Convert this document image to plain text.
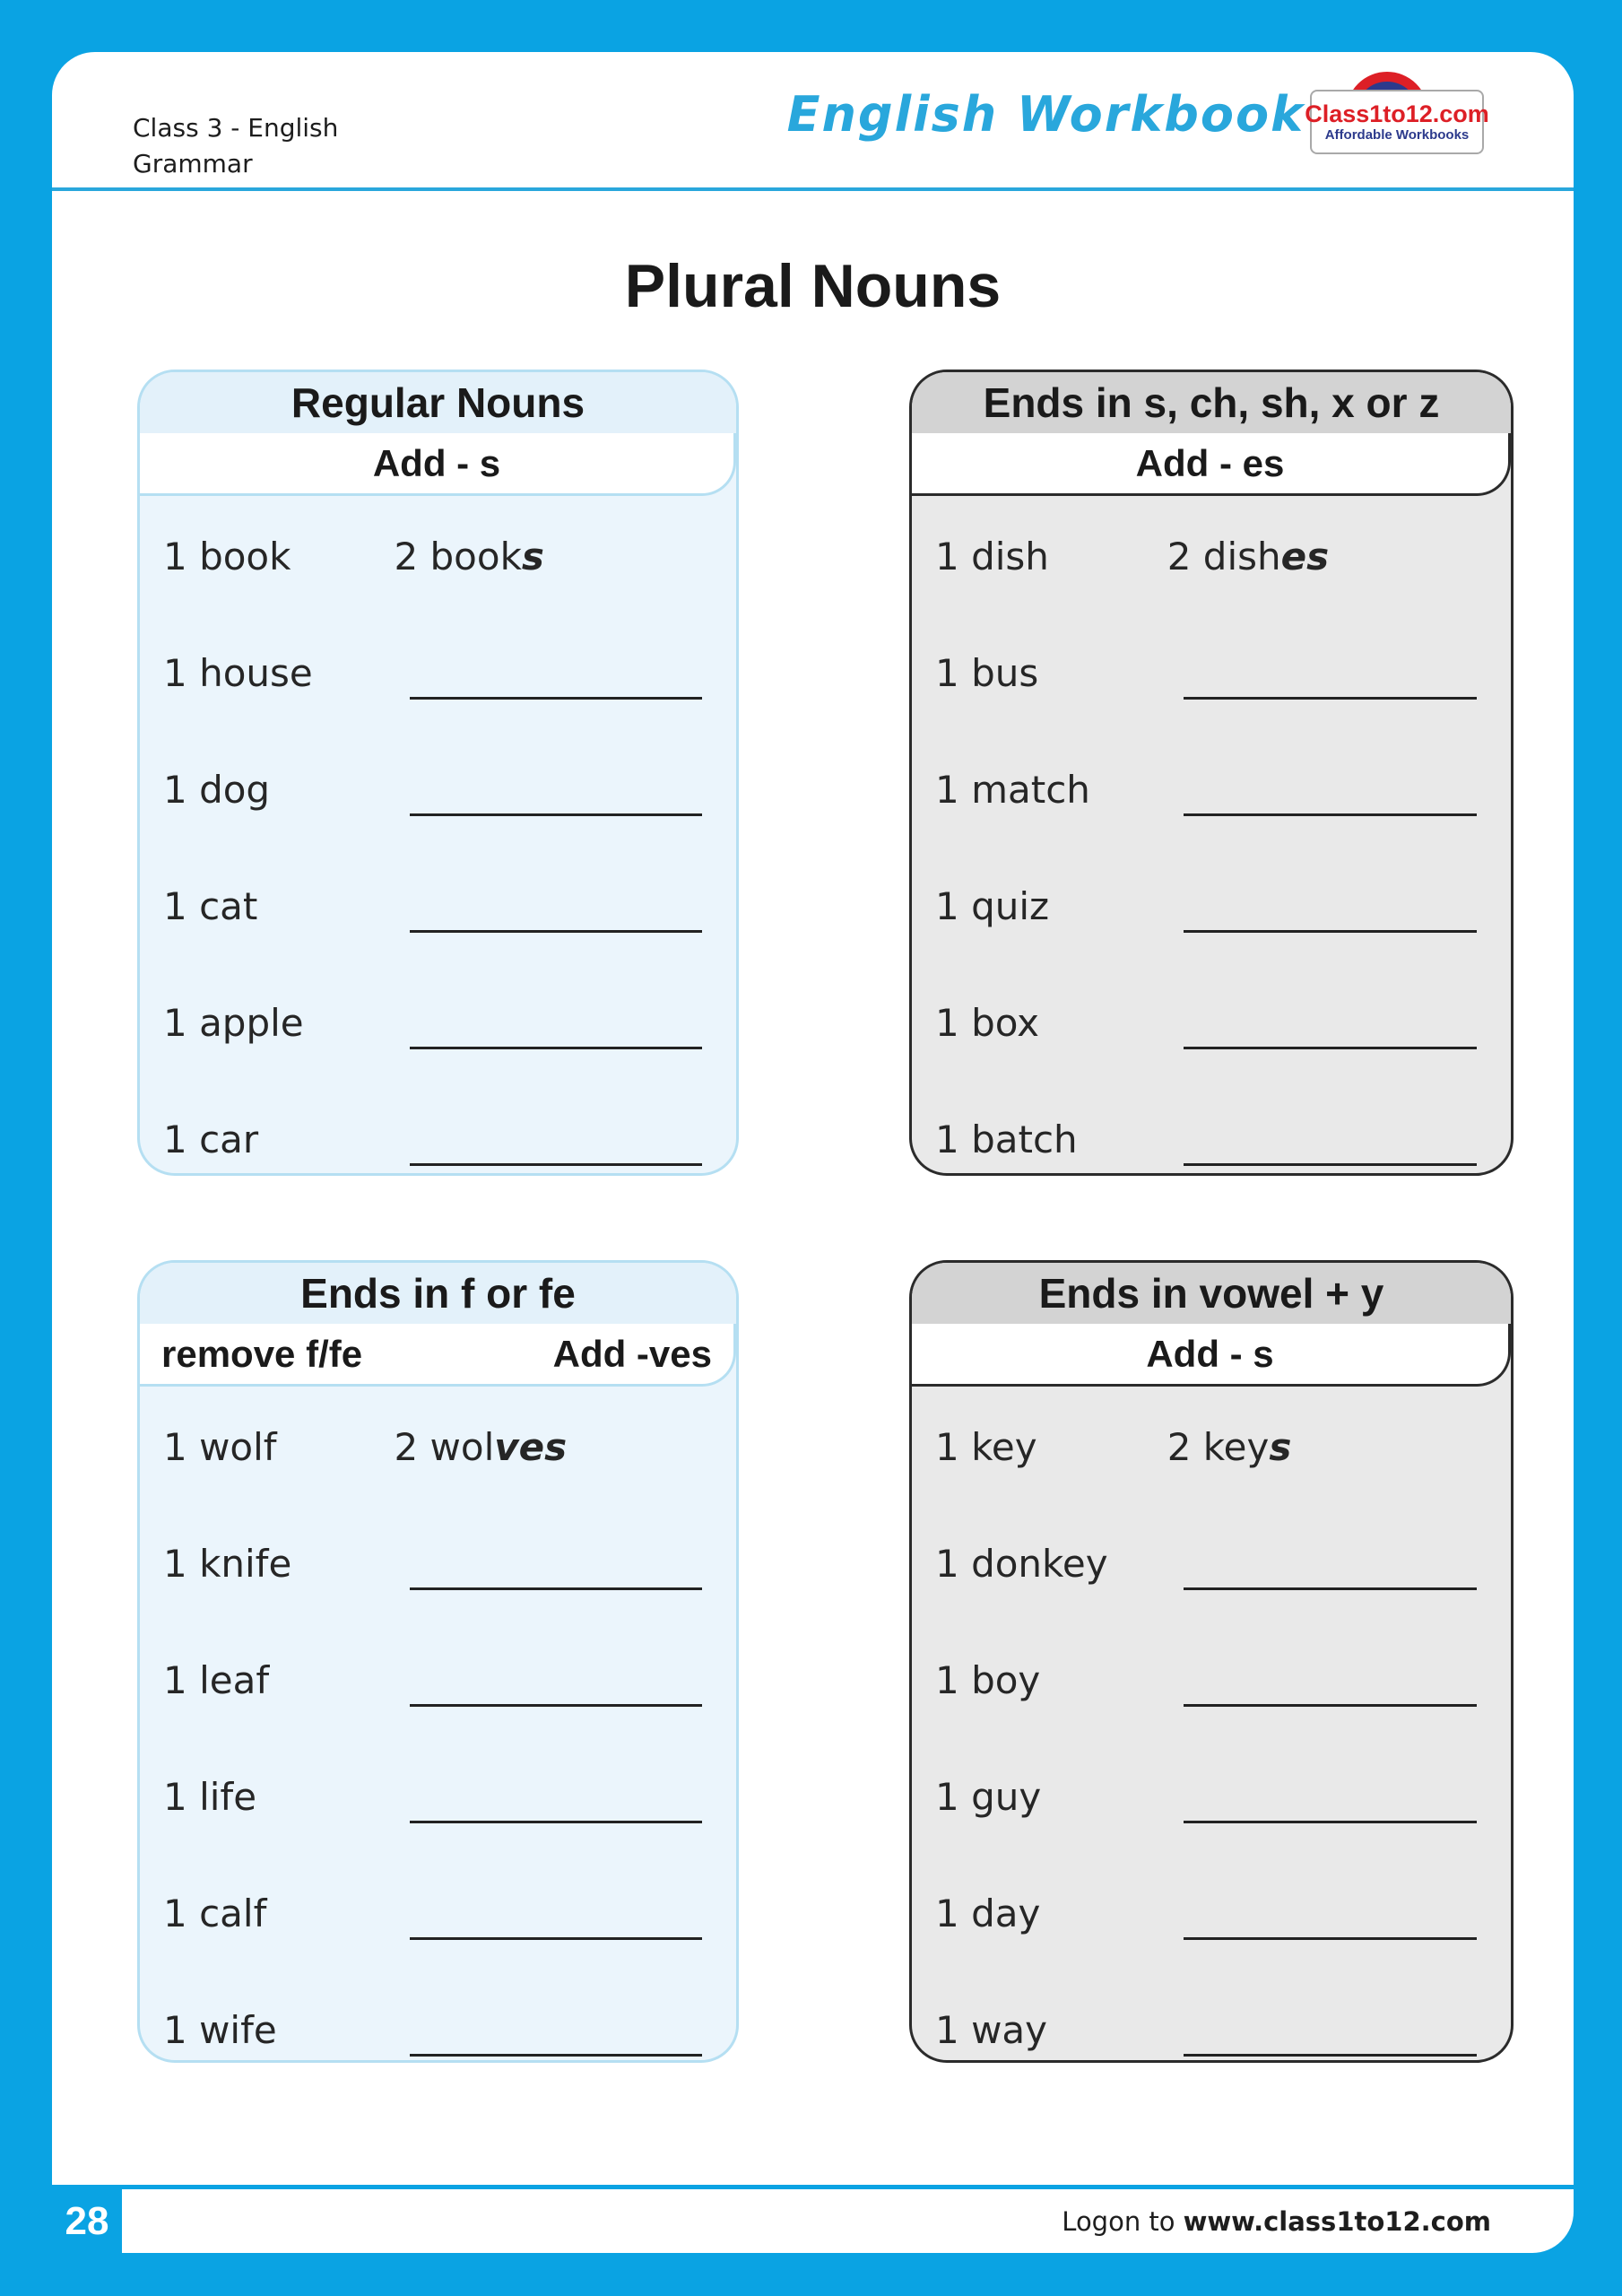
Class 3 - English
Grammar
English Workbook Class1to12.com
Affordable Workbooks
Plural Nouns
Regular Nouns
Add - s
1 book	2 books
1 house
1 dog
1 cat
1 apple
1 car
Ends in s, ch, sh, x or z
Add - es
1 dish	2 dishes
1 bus
1 match
1 quiz
1 box
1 batch
Ends in f or fe
remove f/fe	Add -ves
1 wolf	2 wolves
1 knife
1 leaf
1 life
1 calf
1 wife
Ends in vowel + y
Add - s
1 key	2 keys
1 donkey
1 boy
1 guy
1 day
1 way
28	Logon to www.class1to12.com
